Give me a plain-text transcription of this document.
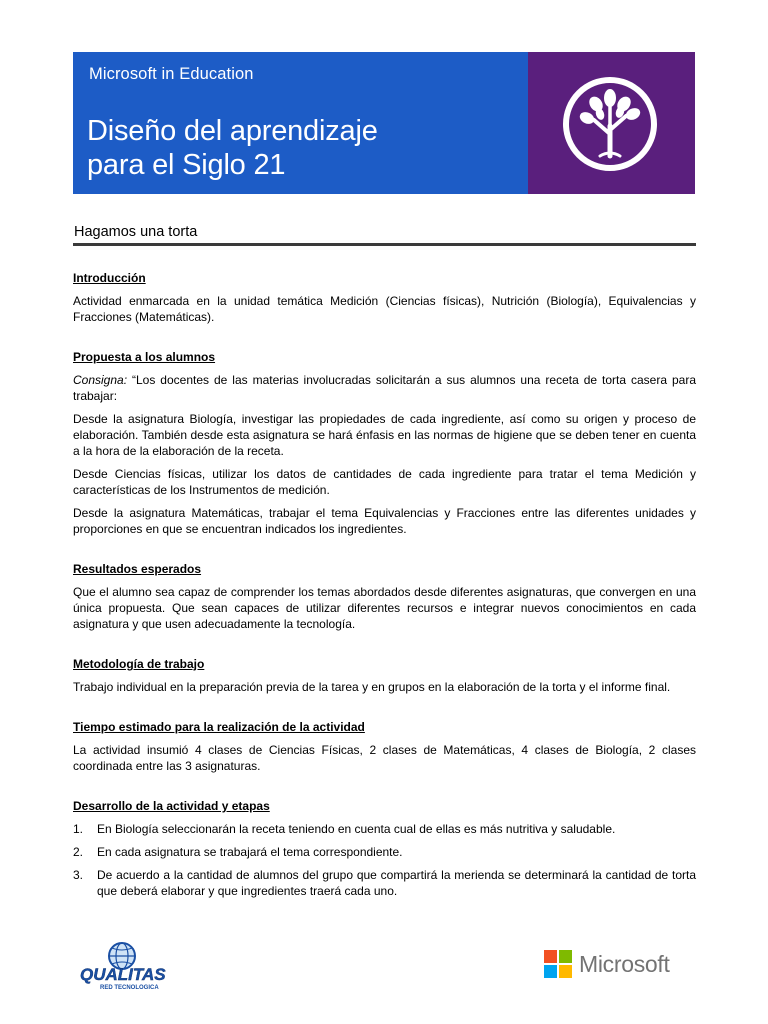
Microsoft in Education
Diseño del aprendizaje
para el Siglo 21
Hagamos una torta
Introducción
Actividad enmarcada en la unidad temática Medición (Ciencias físicas), Nutrición (Biología), Equivalencias y Fracciones (Matemáticas).
Propuesta a los alumnos
Consigna: “Los docentes de las materias involucradas solicitarán a sus alumnos una receta de torta casera para trabajar:
Desde la asignatura Biología, investigar las propiedades de cada ingrediente, así como su origen y proceso de elaboración. También desde esta asignatura se hará énfasis en las normas de higiene que se deben tener en cuenta a la hora de la elaboración de la receta.
Desde Ciencias físicas, utilizar los datos de cantidades de cada ingrediente para tratar el tema Medición y características de los Instrumentos de medición.
Desde la asignatura Matemáticas, trabajar el tema Equivalencias y Fracciones entre las diferentes unidades y proporciones en que se encuentran indicados los ingredientes.
Resultados esperados
Que el alumno sea capaz de comprender los temas abordados desde diferentes asignaturas, que convergen en una única propuesta. Que sean capaces de utilizar diferentes recursos e integrar nuevos conocimientos en cada asignatura y que usen adecuadamente la tecnología.
Metodología de trabajo
Trabajo individual en la preparación previa de la tarea y en grupos en la elaboración de la torta y el informe final.
Tiempo estimado para la realización de la actividad
La actividad insumió 4 clases de Ciencias Físicas, 2 clases de Matemáticas, 4 clases de Biología, 2 clases coordinada entre las 3 asignaturas.
Desarrollo de la actividad y etapas
1.	En Biología seleccionarán la receta teniendo en cuenta cual de ellas es más nutritiva y saludable.
2.	En cada asignatura se trabajará el tema correspondiente.
3.	De acuerdo a la cantidad de alumnos del grupo que compartirá la merienda se determinará la cantidad de torta que deberá elaborar y que ingredientes traerá cada uno.
QUALITAS
RED TECNOLOGICA
Microsoft
